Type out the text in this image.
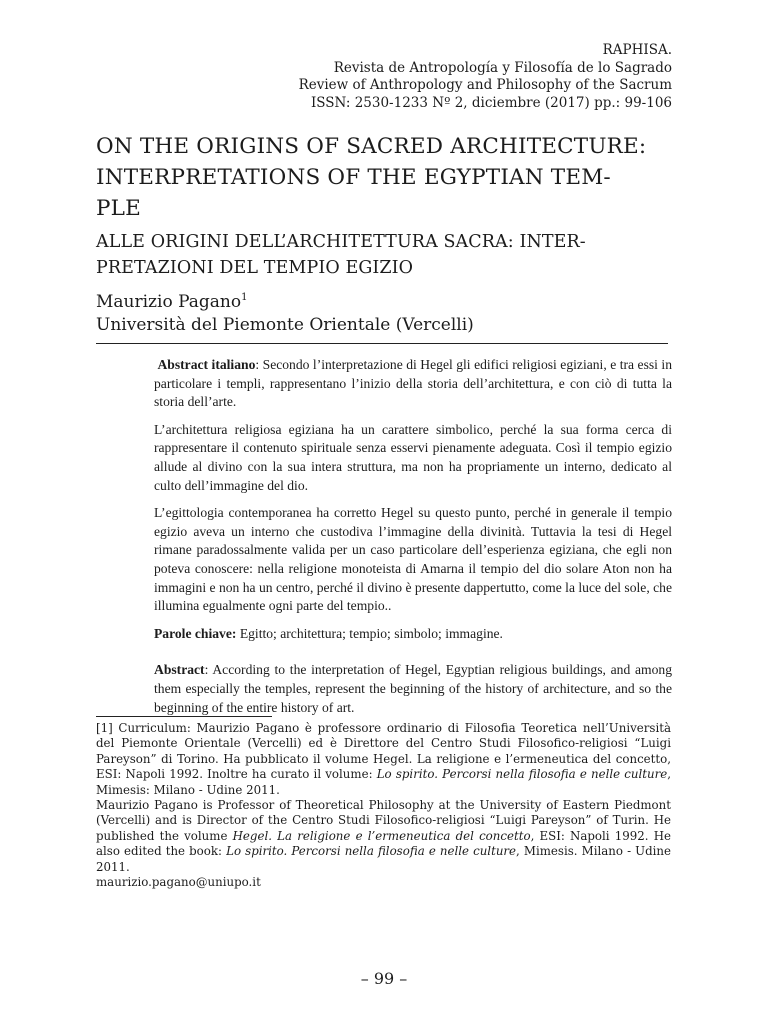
RAPHISA.
Revista de Antropología y Filosofía de lo Sagrado
Review of Anthropology and Philosophy of the Sacrum
ISSN: 2530-1233 Nº 2, diciembre (2017) pp.: 99-106
ON THE ORIGINS OF SACRED ARCHITECTURE:
INTERPRETATIONS OF THE EGYPTIAN TEM-
PLE
ALLE ORIGINI DELL’ARCHITETTURA SACRA: INTER-
PRETAZIONI DEL TEMPIO EGIZIO
Maurizio Pagano$^1$
Università del Piemonte Orientale (Vercelli)

Abstract italiano: Secondo l’interpretazione di Hegel gli edifici religiosi egiziani, e tra essi in particolare i templi, rappresentano l’inizio della storia dell’architettura, e con ciò di tutta la storia dell’arte.

L’architettura religiosa egiziana ha un carattere simbolico, perché la sua forma cerca di rappresentare il contenuto spirituale senza esservi pienamente adeguata. Così il tempio egizio allude al divino con la sua intera struttura, ma non ha propriamente un interno, dedicato al culto dell’immagine del dio.

L’egittologia contemporanea ha corretto Hegel su questo punto, perché in generale il tempio egizio aveva un interno che custodiva l’immagine della divinità. Tuttavia la tesi di Hegel rimane paradossalmente valida per un caso particolare dell’esperienza egiziana, che egli non poteva conoscere: nella religione monoteista di Amarna il tempio del dio solare Aton non ha immagini e non ha un centro, perché il divino è presente dappertutto, come la luce del sole, che illumina egualmente ogni parte del tempio..

Parole chiave: Egitto; architettura; tempio; simbolo; immagine.

Abstract: According to the interpretation of Hegel, Egyptian religious buildings, and among them especially the temples, represent the beginning of the history of architecture, and so the beginning of the entire history of art.

[1] Curriculum: Maurizio Pagano è professore ordinario di Filosofia Teoretica nell’Università del Piemonte Orientale (Vercelli) ed è Direttore del Centro Studi Filosofico-religiosi “Luigi Pareyson” di Torino. Ha pubblicato il volume Hegel. La religione e l’ermeneutica del concetto, ESI: Napoli 1992. Inoltre ha curato il volume: Lo spirito. Percorsi nella filosofia e nelle culture, Mimesis: Milano - Udine 2011.

Maurizio Pagano is Professor of Theoretical Philosophy at the University of Eastern Piedmont (Vercelli) and is Director of the Centro Studi Filosofico-religiosi “Luigi Pareyson” of Turin. He published the volume Hegel. La religione e l’ermeneutica del concetto, ESI: Napoli 1992. He also edited the book: Lo spirito. Percorsi nella filosofia e nelle culture, Mimesis. Milano - Udine 2011.

maurizio.pagano@uniupo.it

– 99 –
